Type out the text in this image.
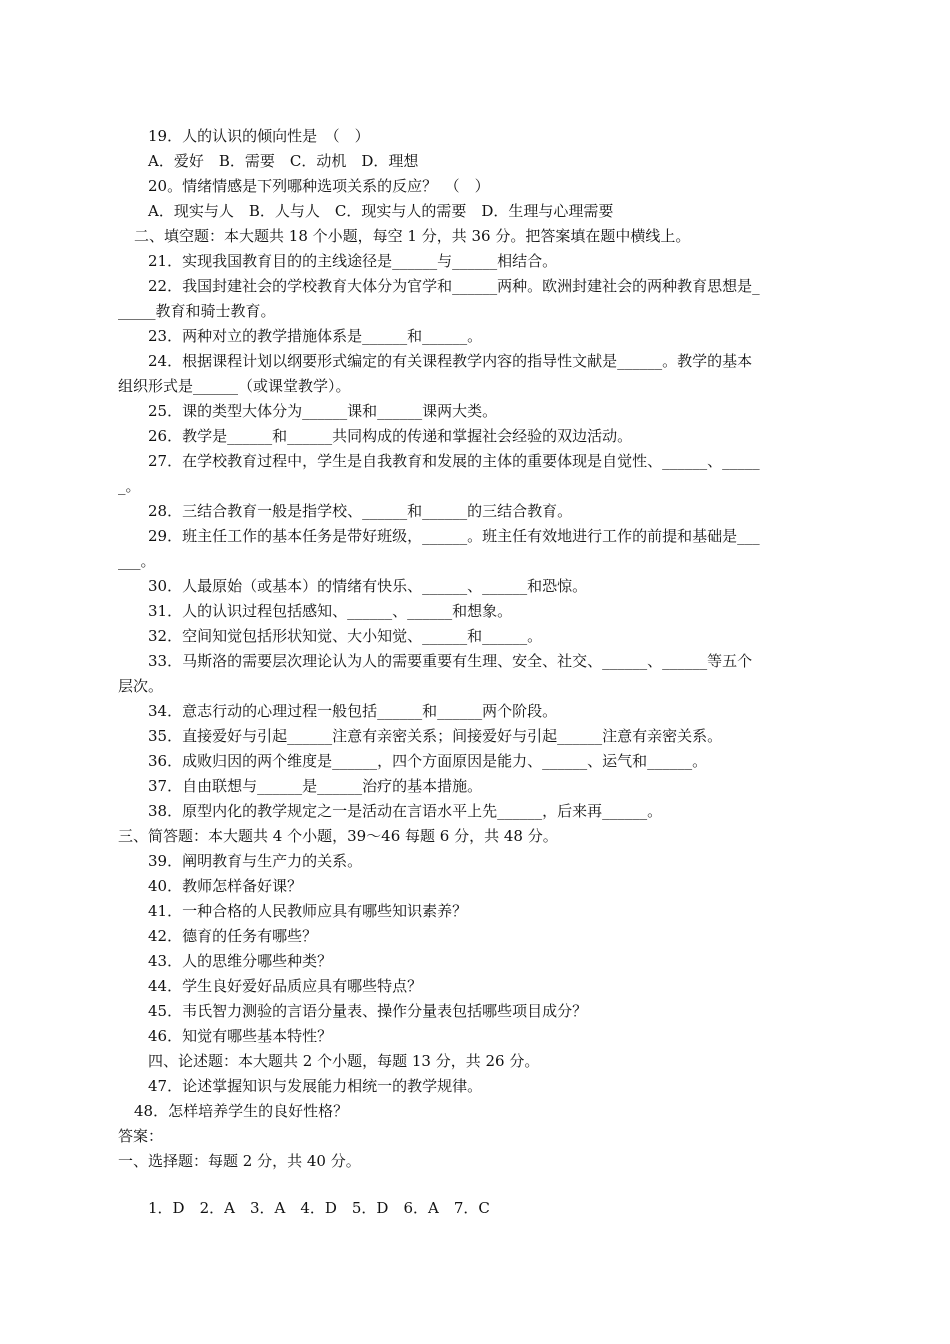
19．人的认识的倾向性是　（　）
A．爱好　B．需要　C．动机　D．理想
20。情绪情感是下列哪种选项关系的反应？　（　）
A．现实与人　B．人与人　C．现实与人的需要　D．生理与心理需要
二、填空题：本大题共 18 个小题，每空 1 分，共 36 分。把答案填在题中横线上。
21．实现我国教育目的的主线途径是______与______相结合。
22．我国封建社会的学校教育大体分为官学和______两种。欧洲封建社会的两种教育思想是_
_____教育和骑士教育。
23．两种对立的教学措施体系是______和______。
24．根据课程计划以纲要形式编定的有关课程教学内容的指导性文献是______。教学的基本
组织形式是______（或课堂教学）。
25．课的类型大体分为______课和______课两大类。
26．教学是______和______共同构成的传递和掌握社会经验的双边活动。
27．在学校教育过程中，学生是自我教育和发展的主体的重要体现是自觉性、______、_____
_。
28．三结合教育一般是指学校、______和______的三结合教育。
29．班主任工作的基本任务是带好班级，______。班主任有效地进行工作的前提和基础是___
___。
30．人最原始（或基本）的情绪有快乐、______、______和恐惊。
31．人的认识过程包括感知、______、______和想象。
32．空间知觉包括形状知觉、大小知觉、______和______。
33．马斯洛的需要层次理论认为人的需要重要有生理、安全、社交、______、______等五个
层次。
34．意志行动的心理过程一般包括______和______两个阶段。
35．直接爱好与引起______注意有亲密关系；间接爱好与引起______注意有亲密关系。
36．成败归因的两个维度是______，四个方面原因是能力、______、运气和______。
37．自由联想与______是______治疗的基本措施。
38．原型内化的教学规定之一是活动在言语水平上先______，后来再______。
三、简答题：本大题共 4 个小题，39～46 每题 6 分，共 48 分。
39．阐明教育与生产力的关系。
40．教师怎样备好课？
41．一种合格的人民教师应具有哪些知识素养？
42．德育的任务有哪些？
43．人的思维分哪些种类？
44．学生良好爱好品质应具有哪些特点？
45．韦氏智力测验的言语分量表、操作分量表包括哪些项目成分？
46．知觉有哪些基本特性？
四、论述题：本大题共 2 个小题，每题 13 分，共 26 分。
47．论述掌握知识与发展能力相统一的教学规律。
48．怎样培养学生的良好性格？
答案：
一、选择题：每题 2 分，共 40 分。
1．D　2．A　3．A　4．D　5．D　6．A　7．C
